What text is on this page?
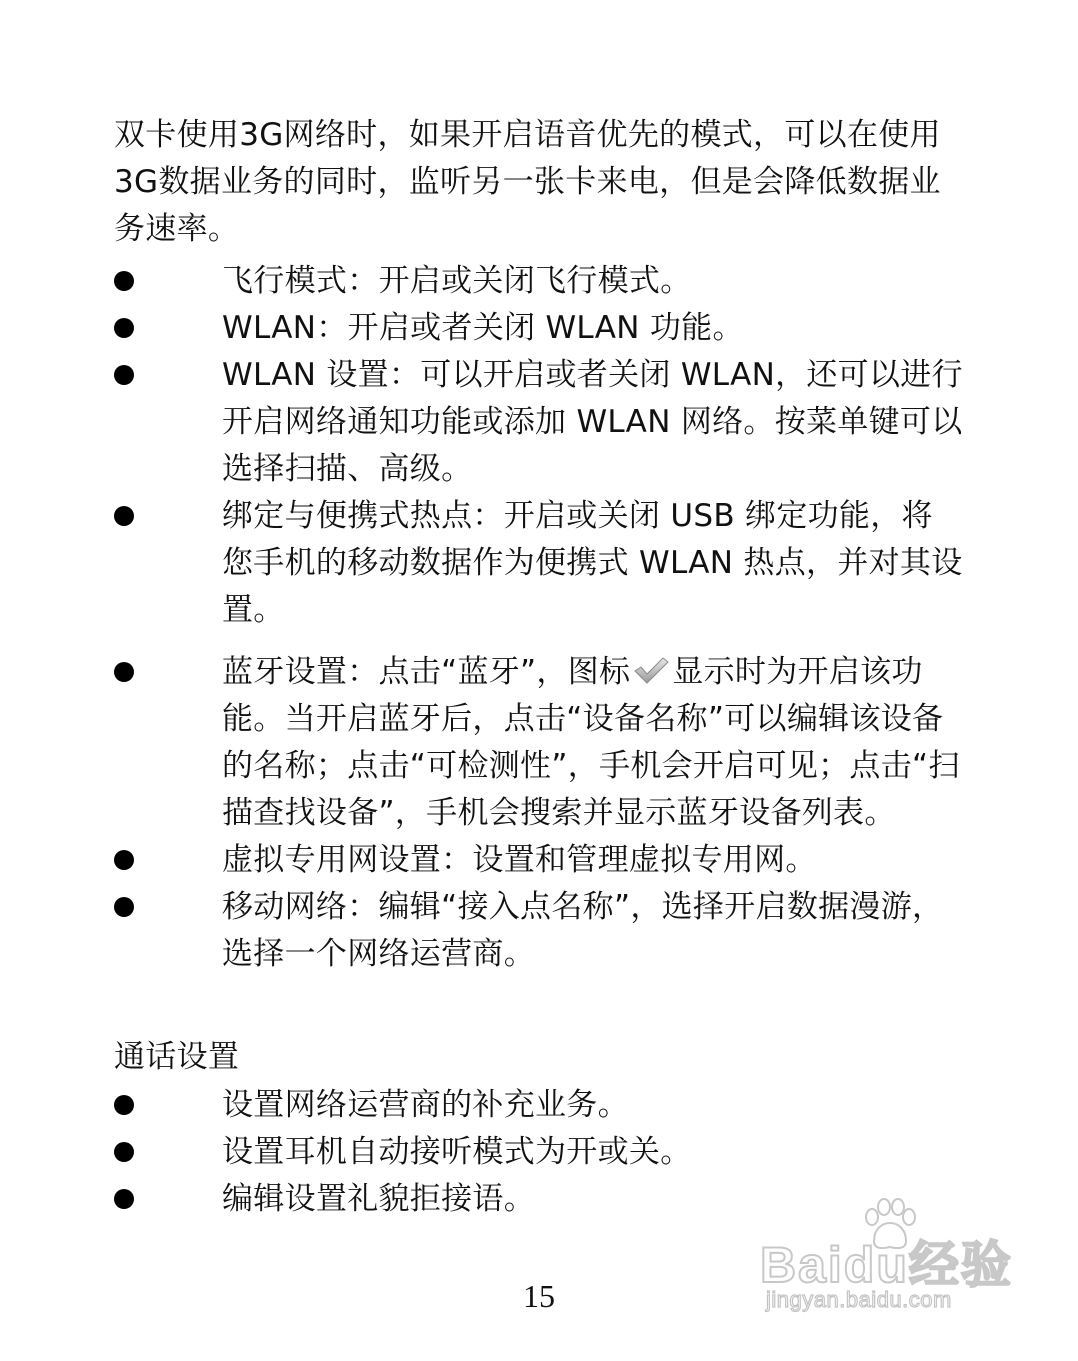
双卡使用3G网络时，如果开启语音优先的模式，可以在使用3G数据业务的同时，监听另一张卡来电，但是会降低数据业务速率。
飞行模式：开启或关闭飞行模式。
WLAN：开启或者关闭 WLAN 功能。
WLAN 设置：可以开启或者关闭 WLAN，还可以进行开启网络通知功能或添加 WLAN 网络。按菜单键可以选择扫描、高级。
绑定与便携式热点：开启或关闭 USB 绑定功能，将您手机的移动数据作为便携式 WLAN 热点，并对其设置。
蓝牙设置：点击“蓝牙”，图标 显示时为开启该功能。当开启蓝牙后，点击“设备名称”可以编辑该设备的名称；点击“可检测性”，手机会开启可见；点击“扫描查找设备”，手机会搜索并显示蓝牙设备列表。
虚拟专用网设置：设置和管理虚拟专用网。
移动网络：编辑“接入点名称”，选择开启数据漫游，选择一个网络运营商。
通话设置
设置网络运营商的补充业务。
设置耳机自动接听模式为开或关。
编辑设置礼貌拒接语。
15
Baidu经验
jingyan.baidu.com
